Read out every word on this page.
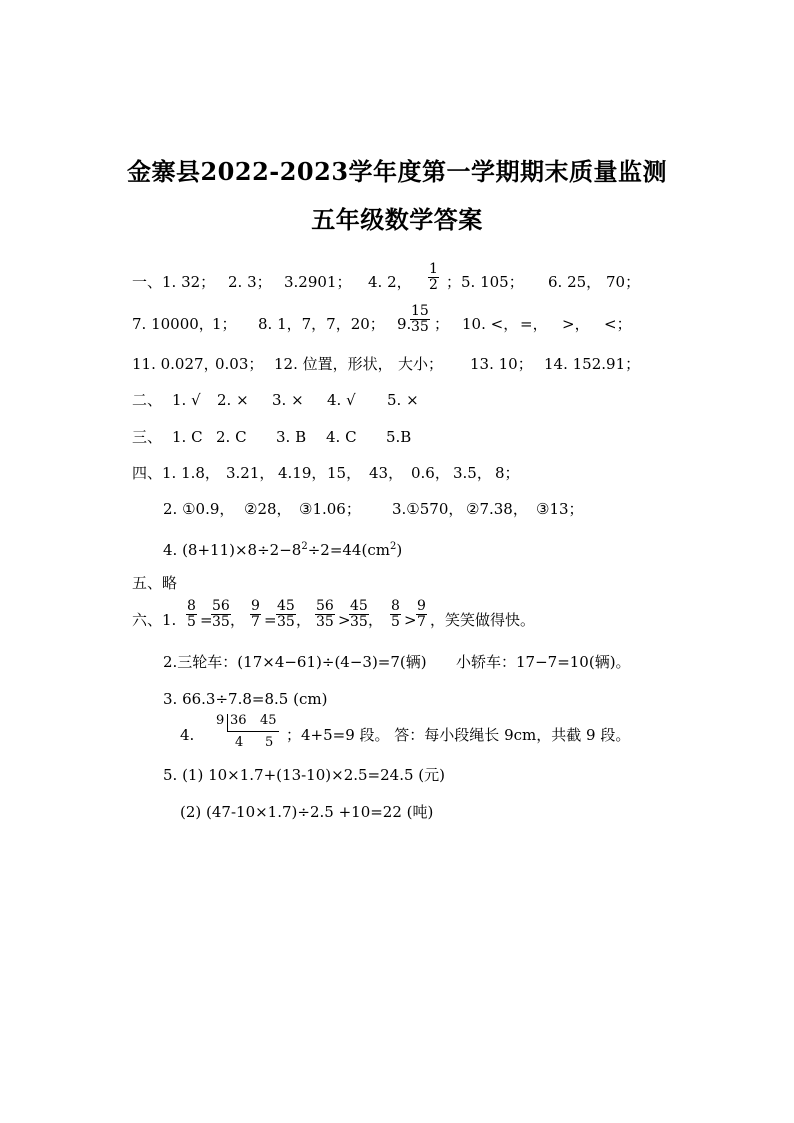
金寨县2022-2023学年度第一学期期末质量监测
五年级数学答案
一、1. 32； 2. 3； 3.2901； 4. 2， $\frac{1}{2}$ ；5. 105； 6. 25， 70；
7. 10000，
1； 8. 1，7，7，20； 9.
$\frac{15}{35}$ ； 10. <， =， >， <；
11. 0.027，
0.03； 12. 位置，形状， 大小； 13. 10； 14. 152.91；
二、 1. √ 2. × 3. × 4. √ 5. ×
三、 1. C 2. C 3. B 4. C 5.B
四、1. 1.8， 3.21， 4.19， 15， 43， 0.6， 3.5， 8；
2. ①0.9， ②28， ③1.06； 3.①570， ②7.38， ③13；
4. $(8+11)\times 8\div 2-8^2\div 2=44(cm^2)$
五、略
六、1. $\frac{8}{5}$ =
$\frac{56}{35}$ ， $\frac{9}{7} = \frac{45}{35}$ ， $\frac{56}{35}$ >
$\frac{45}{35}$ ， $\frac{8}{5} > \frac{9}{7}$ ，笑笑做得快。
2.三轮车：(17×4−61)÷(4−3)=7(辆) 小轿车：17−7=10(辆)。
3. 66.3÷7.8=8.5 (cm)
4.
9 36 45
4 5 ；4+5=9 段。 答：每小段绳长 9cm，共截 9 段。
5. (1) 10×1.7+(13-10)×2.5=24.5 (元)
(2) (47-10×1.7)÷2.5 +10=22 (吨)
